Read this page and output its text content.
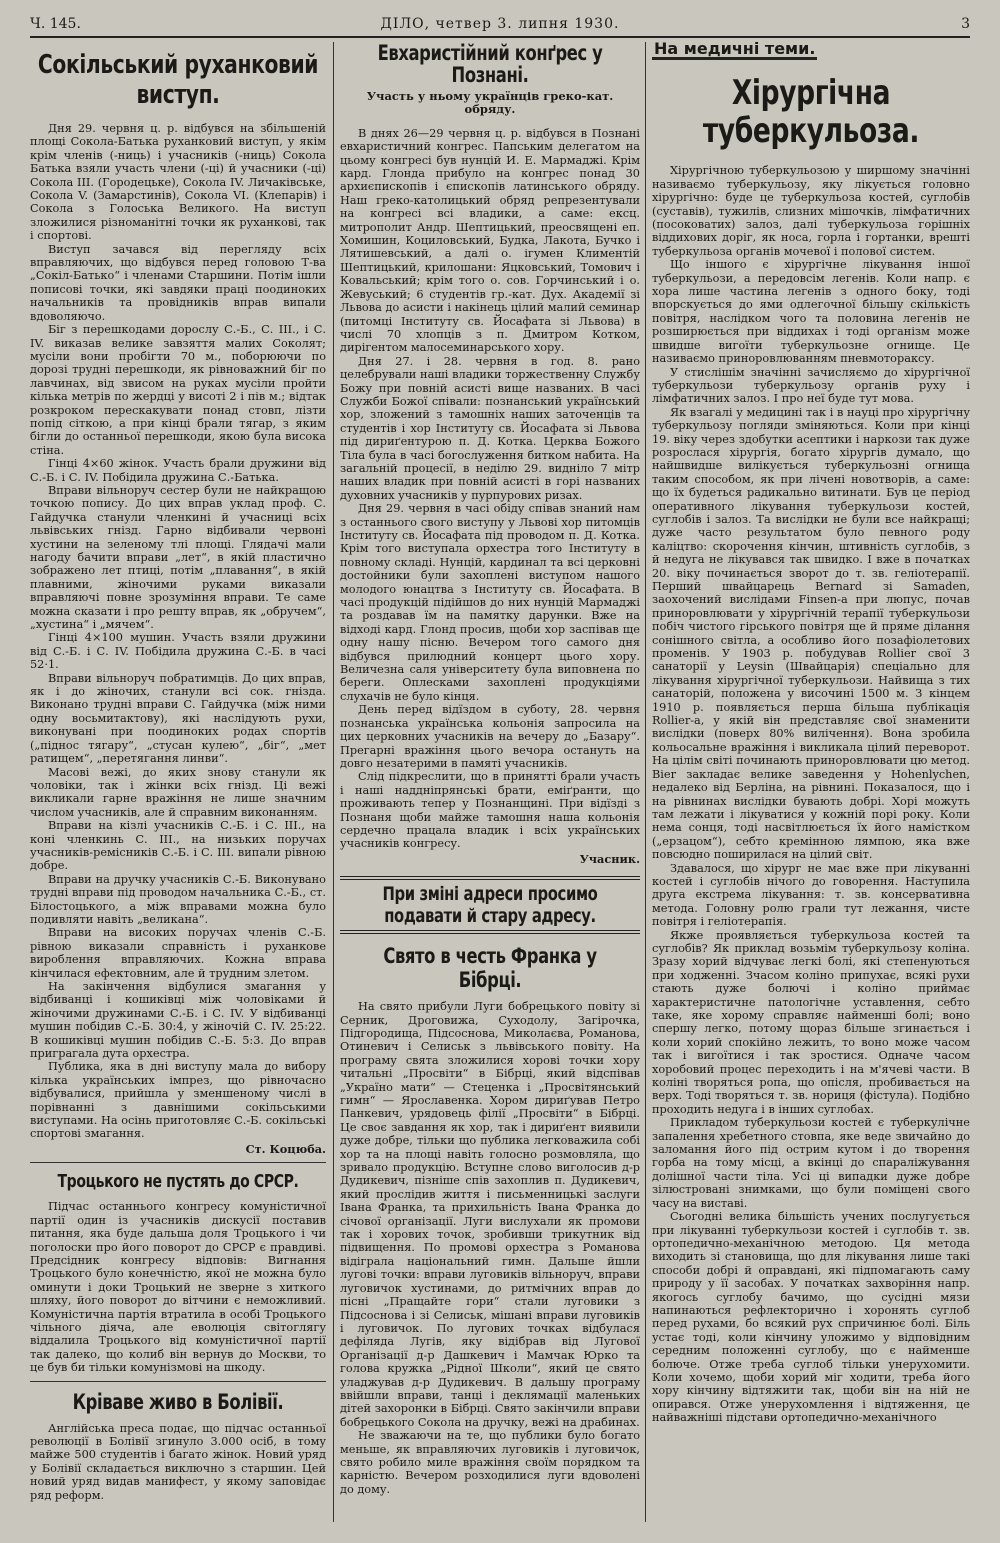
Ч. 145.	ДІЛО, четвер 3. липня 1930.	3
Сокільський руханковий виступ.

Дня 29. червня ц. р. відбувся на збільшеній площі Сокола-Батька руханковий виступ, у якім крім членів (-ниць) і учасників (-ниць) Сокола Батька взяли участь члени (-ці) й учасники (-ці) Сокола III. (Городецьке), Сокола IV. Личаківське, Сокола V. (Замарстинів), Сокола VI. (Клепарів) і Сокола з Голоська Великого. На виступ зложилися різноманітні точки як руханкові, так і спортові.

Виступ зачався від перегляду всіх вправляючих, що відбувся перед головою Т-ва „Сокіл-Батько“ і членами Старшини. Потім ішли пописові точки, які завдяки праці поодиноких начальників та провідників вправ випали вдоволяючо.

Біг з перешкодами дорослу С.-Б., С. III., і С. IV. виказав велике завзяття малих Соколят; мусіли вони пробігти 70 м., поборюючи по дорозі трудні перешкоди, як рівноважний біг по лавчинах, від звисом на руках мусіли пройти кілька метрів по жердці у висоті 2 і пів м.; відтак розкроком перескакувати понад стовп, лізти попід сіткою, а при кінці брали тягар, з яким бігли до останньої перешкоди, якою була висока стіна.

Гінці 4×60 жінок. Участь брали дружини від С.-Б. і С. IV. Побідила дружина С.-Батька.

Вправи вільноруч сестер були не найкращою точкою попису. До цих вправ уклад проф. С. Гайдучка станули членкині й учасниці всіх львівських гнізд. Гарно відбивали червоні хустини на зеленому тлі площі. Глядачі мали нагоду бачити вправи „лет“, в якій пластично зображено лет птиці, потім „плавання“, в якій плавними, жіночими руками виказали вправляючі повне зрозуміння вправи. Те саме можна сказати і про решту вправ, як „обручем“, „хустина“ і „мячем“.

Гінці 4×100 мушин. Участь взяли дружини від С.-Б. і С. IV. Побідила дружина С.-Б. в часі 52·1.

Вправи вільноруч побратимців. До цих вправ, як і до жіночих, станули всі сок. гнізда. Виконано трудні вправи С. Гайдучка (між ними одну восьмитактову), які наслідують рухи, виконувані при поодиноких родах спортів („піднос тягару“, „стусан кулею“, „біг“, „мет ратищем“, „перетягання линви“.

Масові вежі, до яких знову станули як чоловіки, так і жінки всіх гнізд. Ці вежі викликали гарне вражіння не лише значним числом учасників, але й справним виконанням.

Вправи на кізлі учасників С.-Б. і С. III., на коні членкинь С. III., на низьких поручах учасників-ремісників С.-Б. і С. III. випали рівною добре.

Вправи на дручку учасників С.-Б. Виконувано трудні вправи під проводом начальника С.-Б., ст. Білостоцького, а між вправами можна було подивляти навіть „великана“.

Вправи на високих поручах членів С.-Б. рівною виказали справність і руханкове вироблення вправляючих. Кожна вправа кінчилася ефектовним, але й трудним злетом.

На закінчення відбулися змагання у відбиванці і кошиківці між чоловіками й жіночими дружинами С.-Б. і С. IV. У відбиванці мушин побідив С.-Б. 30:4, у жіночій С. IV. 25:22. В кошиківці мушин побідив С.-Б. 5:3. До вправ приграгала дута орхестра.

Публика, яка в дні виступу мала до вибору кілька українських імпрез, що рівночасно відбувалися, прийшла у зменшеному числі в порівнанні з давнішими сокільськими виступами. На осінь приготовляє С.-Б. сокільські спортові змагання.

Ст. Коцюба.
Троцького не пустять до СРСР.

Підчас останнього конгресу комуністичної партії один із учасників дискусії поставив питання, яка буде дальша доля Троцького і чи поголоски про його поворот до СРСР є правдиві. Предсідник конгресу відповів: Вигнання Троцького було конечністю, якої не можна було оминути і доки Троцький не зверне з хиткого шляху, його поворот до вітчини є неможливий. Комуністична партія втратила в особі Троцького чільного діяча, але еволюція світоглягу віддалила Троцького від комуністичної партії так далеко, що колиб він вернув до Москви, то це був би тільки комунізмові на шкоду.

Кріваве живо в Болівії.

Англійська преса подає, що підчас останньої революції в Болівії згинуло 3.000 осіб, в тому майже 500 студентів і багато жінок. Новий уряд у Болівії складається виключно з старшин. Цей новий уряд видав манифест, у якому заповідає ряд реформ.

Евхаристійний конґрес у Познані.
Участь у ньому українців греко-кат. обряду.

В днях 26—29 червня ц. р. відбувся в Познані евхаристичний конгрес. Папським делегатом на цьому конгресі був нунцій И. Е. Мармаджі. Крім кард. Глонда прибуло на конгрес понад 30 архиєпископів і єпископів латинського обряду. Наш греко-католицький обряд репрезентували на конгресі всі владики, а саме: ексц. митрополит Андр. Шептицький, преосвящені еп. Хомишин, Коциловський, Будка, Лакота, Бучко і Лятишевський, а далі о. ігумен Климентій Шептицький, крилошани: Яцковський, Томович і Ковальський; крім того о. сов. Горчинський і о. Жевуський; 6 студентів гр.-кат. Дух. Академії зі Львова до асисти і накінець цілий малий семинар (питомці Інституту св. Йосафата зі Львова) в числі 70 хлопців з п. Дмитром Котком, дирігентом малосеминарського хору.

Дня 27. і 28. червня в год. 8. рано целебрували наші владики торжественну Службу Божу при повній асисті вище названих. В часі Служби Божої співали: познанський український хор, зложений з тамошніх наших заточенців та студентів і хор Інституту св. Йосафата зі Львова під дириґентурою п. Д. Котка. Церква Божого Тіла була в часі богослуження битком набита. На загальній процесії, в неділю 29. видніло 7 мітр наших владик при повній асисті в горі названих духовних учасників у пурпурових ризах.

Дня 29. червня в часі обіду співав знаний нам з останнього свого виступу у Львові хор питомців Інституту св. Йосафата під проводом п. Д. Котка. Крім того виступала орхестра того Інституту в повному складі. Нунцій, кардинал та всі церковні достойники були захоплені виступом нашого молодого юнацтва з Інституту св. Йосафата. В часі продукцій підійшов до них нунцій Мармаджі та роздавав їм на памятку дарунки. Вже на відході кард. Глонд просив, щоби хор заспівав ще одну нашу пісню. Вечером того самого дня відбувся прилюдний концерт цього хору. Величезна саля університету була виповнена по береги. Оплесками захоплені продукціями слухачів не було кінця.

День перед відїздом в суботу, 28. червня познанська українська кольонія запросила на цих церковних учасників на вечеру до „Базару“. Прегарні вражіння цього вечора остануть на довго незатерими в памяті учасників.

Слід підкреслити, що в принятті брали участь і наші наддніпрянські брати, еміґранти, що проживають тепер у Познанщині. При відїзді з Познаня щоби майже тамошня наша кольонія сердечно працала владик і всіх українських учасників конгресу.

Учасник.
При зміні адреси просимо подавати й стару адресу.
Свято в честь Франка у Бібрці.

На свято прибули Луги бобрецького повіту зі Серник, Дроговижа, Суходолу, Загірочка, Підгородища, Підсоснова, Миколаєва, Романова, Отиневич і Селиськ з львівського повіту. На програму свята зложилися хорові точки хору читальні „Просвіти“ в Бібрці, який відспівав „Україно мати“ — Стеценка і „Просвітянський гимн“ — Ярославенка. Хором дириґував Петро Панкевич, урядовець філії „Просвіти“ в Бібрці. Це своє завдання як хор, так і дириґент виявили дуже добре, тільки що публика легковажила собі хор та на площі навіть голосно розмовляла, що зривало продукцію. Вступне слово виголосив д-р Дудикевич, пізніше спів захоплив п. Дудикевич, який прослідив життя і письменницькі заслуги Івана Франка, та прихильність Івана Франка до січової організації. Луги вислухали як промови так і хорових точок, зробивши трикутник від підвищення. По промові орхестра з Романова відіграла національний гимн. Дальше йшли лугові точки: вправи луговиків вільноруч, вправи луговичок хустинами, до ритмічних вправ до пісні „Пращайте гори“ стали луговики з Підсоснова і зі Селиськ, мішані вправи луговиків і луговичок. По лугових точках відбулася дефіляда Лугів, яку відібрав від Лугової Організації д-р Дашкевич і Мамчак Юрко та голова кружка „Рідної Школи“, який це свято уладжував д-р Дудикевич. В дальшу програму ввійшли вправи, танці і деклямації маленьких дітей захоронки в Бібрці. Свято закінчили вправи бобрецького Сокола на дручку, вежі на драбинах.

Не зважаючи на те, що публики було богато меньше, як вправляючих луговиків і луговичок, свято робило миле вражіння своїм порядком та карністю. Вечером розходилися луги вдоволені до дому.

На медичні теми.
Хірургічна туберкульоза.

Хірургічною туберкульозою у ширшому значінні називаємо туберкульозу, яку лікується головно хірургічно: буде це туберкульоза костей, суглобів (суставів), тужилів, слизних мішочків, лімфатичних (посоковатих) залоз, далі туберкульоза горішніх віддихових доріг, як носа, горла і гортанки, врешті туберкульоза органів мочевої і полової систем.

Що іншого є хірургічне лікування іншої туберкульози, а передовсім легенів. Коли напр. є хора лише частина легенів з одного боку, тоді впорскується до ями одлегочної більшу скількість повітря, наслідком чого та половина легенів не розширюється при віддихах і тоді організм може швидше вигоїти туберкульозне огнище. Це називаємо приноровлюванням пневмотораксу.

У стислішім значінні зачисляємо до хірургічної туберкульози туберкульозу органів руху і лімфатичних залоз. І про неї буде тут мова.

Як взагалі у медицині так і в науці про хірургічну туберкульозу погляди зміняються. Коли при кінці 19. віку через здобутки асептики і наркози так дуже розрослася хірургія, богато хірургів думало, що найшвидше вилікується туберкульозні огнища таким способом, як при лічені новотворів, а саме: що їх будеться радикально витинати. Був це період оперативного лікування туберкульози костей, суглобів і залоз. Та вислідки не були все найкращі; дуже часто результатом було певного роду каліцтво: скорочення кінчин, штивність суглобів, з й недуга не лікувався так швидко. І вже в початках 20. віку починається зворот до т. зв. геліотерапії. Перший швайцарець Bernard зі Samaden, заохочений вислідами Finsen-а при люпус, почав приноровлювати у хірургічній терапії туберкульози побіч чистого гірського повітря ще й пряме ділання сонішного світла, а особливо його позафіолетових променів. У 1903 р. побудував Rollier свої 3 санаторії у Leysin (Швайцарія) спеціально для лікування хірургічної туберкульози. Найвища з тих санаторій, положена у височині 1500 м. З кінцем 1910 р. появляється перша більша публікація Rollier-а, у якій він представляє свої знаменити вислідки (поверх 80% вилічення). Вона зробила кольосальне вражіння і викликала цілий переворот. На цілім світі починають приноровлювати цю метод. Bier закладає велике заведення у Hohenlychen, недалеко від Берліна, на рівнині. Показалося, що і на рівнинах вислідки бувають добрі. Хорі можуть там лежати і лікуватися у кожній порі року. Коли нема сонця, тоді насвітлюється їх його намістком („ерзацом“), себто кремінною лямпою, яка вже повсюдно поширилася на цілий світ.

Здавалося, що хірург не має вже при лікуванні костей і суглобів нічого до говорення. Наступила друга екстрема лікування: т. зв. консервативна метода. Головну ролю грали тут лежання, чисте повітря і геліотерапія.

Якже проявляється туберкульоза костей та суглобів? Як приклад возьмім туберкульозу коліна. Зразу хорий відчуває легкі болі, які степенуються при ходженні. Зчасом коліно припухає, всякі рухи стають дуже болючі і коліно приймає характеристичне патологічне уставлення, себто таке, яке хорому справляє найменші болі; воно спершу легко, потому щораз більше згинається і коли хорий спокійно лежить, то воно може часом так і вигоїтися і так зростися. Одначе часом хоробовий процес переходить і на м'ячеві части. В коліні творяться ропа, що опісля, пробивається на верх. Тоді творяться т. зв. нориця (фістула). Подібно проходить недуга і в інших суглобах.

Прикладом туберкульози костей є туберкулічне запалення хребетного стовпа, яке веде звичайно до заломання його під острим кутом і до творення горба на тому місці, а вкінці до спараліжування долішної части тіла. Усі ці випадки дуже добре зілюстровані знимками, що були поміщені свого часу на виставі.

Сьогодні велика більшість учених послугується при лікуванні туберкульози костей і суглобів т. зв. ортопедично-механічною методою. Ця метода виходить зі становища, що для лікування лише такі способи добрі й оправдані, які підпомагають саму природу у її засобах. У початках захворіння напр. якогось суглобу бачимо, що сусідні мязи напинаються рефлекторично і хоронять суглоб перед рухами, бо всякий рух спричинює болі. Біль устає тоді, коли кінчину уложимо у відповідним середним положенні суглобу, що є найменше болюче. Отже треба суглоб тільки унерухомити. Коли хочемо, щоби хорий міг ходити, треба його хору кінчину відтяжити так, щоби він на ній не опирався. Отже унерухомлення і відтяження, це найважніші підстави ортопедично-механічного
